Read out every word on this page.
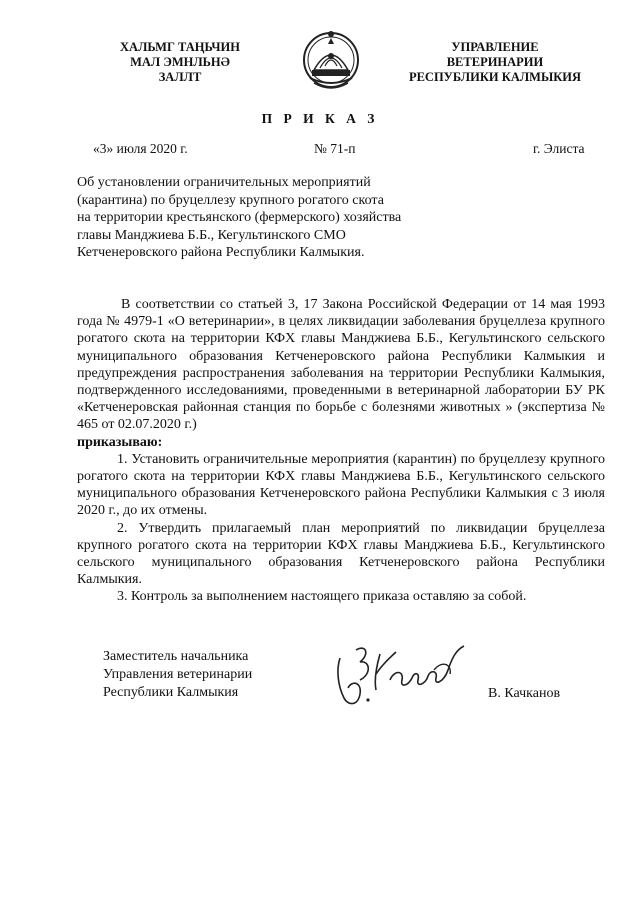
ХАЛЬМГ ТАҢЬЧИН
МАЛ ЭМНЛЬНӘ
ЗАЛЛТ
УПРАВЛЕНИЕ
ВЕТЕРИНАРИИ
РЕСПУБЛИКИ КАЛМЫКИЯ
П Р И К А З
«3» июля 2020 г.	№ 71-п	г. Элиста
Об установлении ограничительных мероприятий
(карантина) по бруцеллезу крупного рогатого скота
на территории крестьянского (фермерского) хозяйства
главы Манджиева Б.Б., Кегультинского СМО
Кетченеровского района Республики Калмыкия.

В соответствии со статьей 3, 17 Закона Российской Федерации от 14 мая 1993 года № 4979-1 «О ветеринарии», в целях ликвидации заболевания бруцеллеза крупного рогатого скота на территории КФХ главы Манджиева Б.Б., Кегультинского сельского муниципального образования Кетченеровского района Республики Калмыкия и предупреждения распространения заболевания на территории Республики Калмыкия, подтвержденного исследованиями, проведенными в ветеринарной лаборатории БУ РК «Кетченеровская районная станция по борьбе с болезнями животных » (экспертиза № 465 от 02.07.2020 г.)

приказываю:

1. Установить ограничительные мероприятия (карантин) по бруцеллезу крупного рогатого скота на территории КФХ главы Манджиева Б.Б., Кегультинского сельского муниципального образования Кетченеровского района Республики Калмыкия с 3 июля 2020 г., до их отмены.

2. Утвердить прилагаемый план мероприятий по ликвидации бруцеллеза крупного рогатого скота на территории КФХ главы Манджиева Б.Б., Кегультинского сельского муниципального образования Кетченеровского района Республики Калмыкия.

3. Контроль за выполнением настоящего приказа оставляю за собой.

Заместитель начальника
Управления ветеринарии
Республики Калмыкия	В. Качканов
